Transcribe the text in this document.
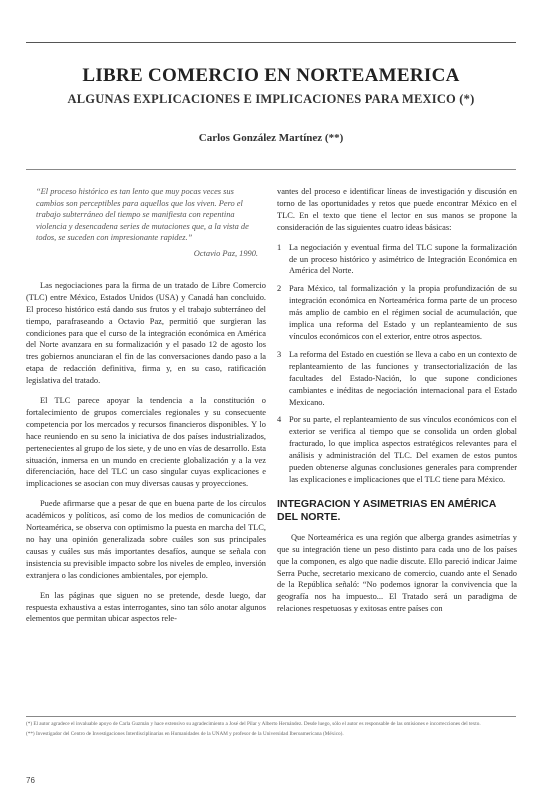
LIBRE COMERCIO EN NORTEAMERICA
ALGUNAS EXPLICACIONES E IMPLICACIONES PARA MEXICO (*)
Carlos González Martínez (**)
“El proceso histórico es tan lento que muy pocas veces sus cambios son perceptibles para aquellos que los viven. Pero el trabajo subterráneo del tiempo se manifiesta con repentina violencia y desencadena series de mutaciones que, a la vista de todos, se suceden con impresionante rapidez.”
Octavio Paz, 1990.

Las negociaciones para la firma de un tratado de Libre Comercio (TLC) entre México, Estados Unidos (USA) y Canadá han concluido. El proceso histórico está dando sus frutos y el trabajo subterráneo del tiempo, parafraseando a Octavio Paz, permitió que surgieran las condiciones para que el curso de la integración económica en América del Norte avanzara en su formalización y el pasado 12 de agosto los tres gobiernos anunciaran el fin de las conversaciones dando paso a la etapa de redacción definitiva, firma y, en su caso, ratificación legislativa del tratado.

El TLC parece apoyar la tendencia a la constitución o fortalecimiento de grupos comerciales regionales y su consecuente competencia por los mercados y recursos financieros disponibles. Y lo hace reuniendo en su seno la iniciativa de dos países industrializados, pertenecientes al grupo de los siete, y de uno en vías de desarrollo. Esta situación, inmersa en un mundo en creciente globalización y a la vez diferenciación, hace del TLC un caso singular cuyas explicaciones e implicaciones se asocian con muy diversas causas y proyecciones.

Puede afirmarse que a pesar de que en buena parte de los círculos académicos y políticos, así como de los medios de comunicación de Norteamérica, se observa con optimismo la puesta en marcha del TLC, no hay una opinión generalizada sobre cuáles son sus principales causas y cuáles sus más importantes desafíos, aunque se señala con insistencia su previsible impacto sobre los niveles de empleo, inversión extranjera o las condiciones ambientales, por ejemplo.

En las páginas que siguen no se pretende, desde luego, dar respuesta exhaustiva a estas interrogantes, sino tan sólo anotar algunos elementos que permitan ubicar aspectos rele-

vantes del proceso e identificar líneas de investigación y discusión en torno de las oportunidades y retos que puede encontrar México en el TLC. En el texto que tiene el lector en sus manos se propone la consideración de las siguientes cuatro ideas básicas:

1 La negociación y eventual firma del TLC supone la formalización de un proceso histórico y asimétrico de Integración Económica en América del Norte.
2 Para México, tal formalización y la propia profundización de su integración económica en Norteamérica forma parte de un proceso más amplio de cambio en el régimen social de acumulación, que implica una reforma del Estado y un replanteamiento de sus vínculos económicos con el exterior, entre otros aspectos.
3 La reforma del Estado en cuestión se lleva a cabo en un contexto de replanteamiento de las funciones y transectorialización de las facultades del Estado-Nación, lo que supone condiciones cambiantes e inéditas de negociación internacional para el Estado Mexicano.
4 Por su parte, el replanteamiento de sus vínculos económicos con el exterior se verifica al tiempo que se consolida un orden global fracturado, lo que implica aspectos estratégicos relevantes para el análisis y administración del TLC. Del examen de estos puntos pueden obtenerse algunas conclusiones generales para comprender las explicaciones e implicaciones que el TLC tiene para México.
INTEGRACION Y ASIMETRIAS EN AMÉRICA DEL NORTE.

Que Norteamérica es una región que alberga grandes asimetrías y que su integración tiene un peso distinto para cada uno de los países que la componen, es algo que nadie discute. Ello pareció indicar Jaime Serra Puche, secretario mexicano de comercio, cuando ante el Senado de la República señaló: “No podemos ignorar la convivencia que la geografía nos ha impuesto... El Tratado será un paradigma de relaciones respetuosas y exitosas entre países con

(*) El autor agradece el invaluable apoyo de Carla Guzmán y hace extensivo su agradecimiento a José del Pilar y Alberto Hernández. Desde luego, sólo el autor es responsable de las omisiones e incorrecciones del texto.
(**) Investigador del Centro de Investigaciones Interdisciplinarias en Humanidades de la UNAM y profesor de la Universidad Iberoamericana (México).
76
